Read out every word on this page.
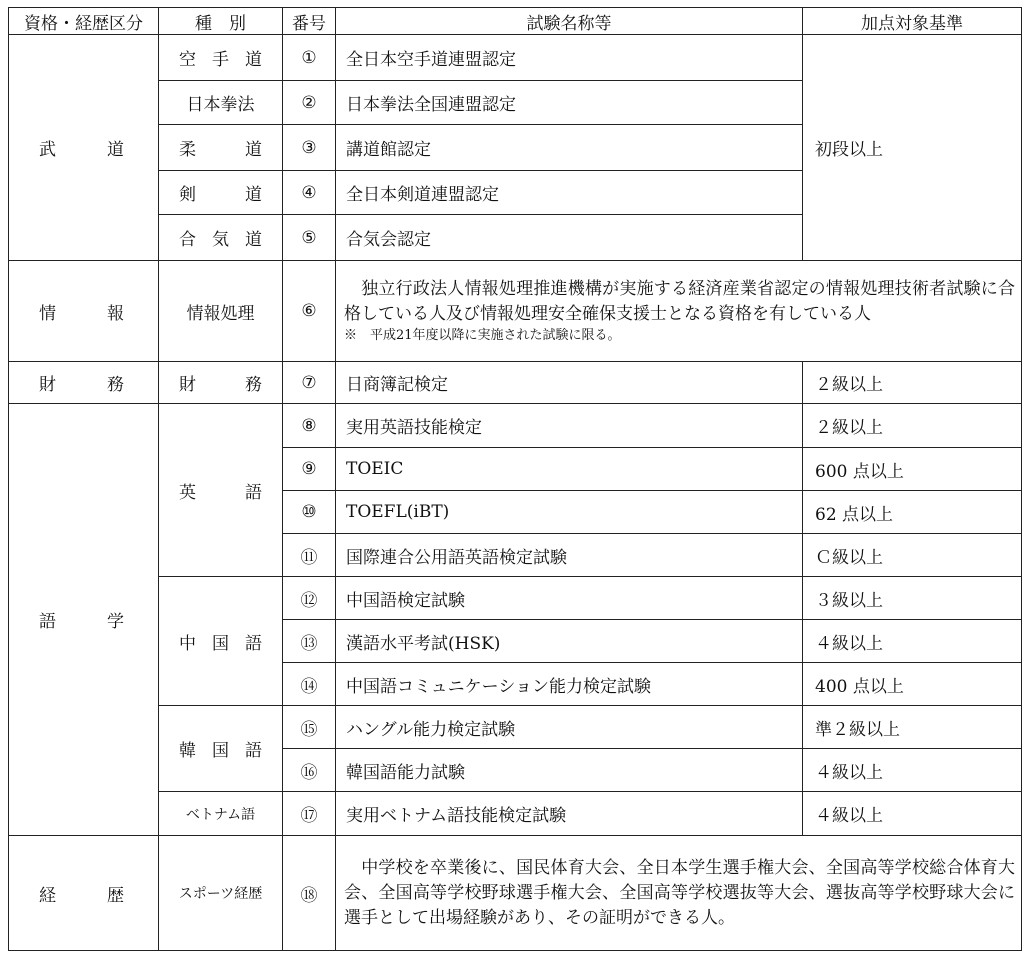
資格・経歴区分	種　別	番号	試験名称等	加点対象基準

武 道	空 手 道	①	全日本空手道連盟認定	初段以上
	日本拳法	②	日本拳法全国連盟認定	

	柔 道	③	講道館認定	

	剣 道	④	全日本剣道連盟認定	

	合 気 道	⑤	合気会認定	

情 報	情報処理	⑥	　独立行政法人情報処理推進機構が実施する経済産業省認定の情報処理技術者試験に合格している人及び情報処理安全確保支援士となる資格を有している人
※　平成21年度以降に実施された試験に限る。	

財 務	財 務	⑦	日商簿記検定	２級以上

語 学	英 語	⑧	実用英語技能検定	２級以上
		⑨	TOEIC	600 点以上
		⑩	TOEFL(iBT)	62 点以上
		⑪	国際連合公用語英語検定試験	Ｃ級以上

	中 国 語	⑫	中国語検定試験	３級以上
		⑬	漢語水平考試(HSK)	４級以上
		⑭	中国語コミュニケーション能力検定試験	400 点以上

	韓 国 語	⑮	ハングル能力検定試験	準２級以上
		⑯	韓国語能力試験	４級以上
	ベトナム語	⑰	実用ベトナム語技能検定試験	４級以上

経 歴	スポーツ経歴	⑱	　中学校を卒業後に、国民体育大会、全日本学生選手権大会、全国高等学校総合体育大会、全国高等学校野球選手権大会、全国高等学校選抜等大会、選抜高等学校野球大会に選手として出場経験があり、その証明ができる人。	
